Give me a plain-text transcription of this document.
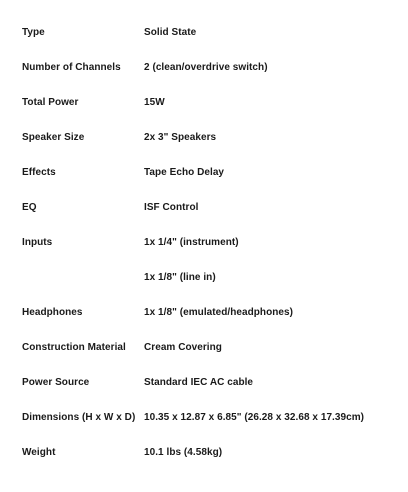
Type	Solid State
Number of Channels	2 (clean/overdrive switch)
Total Power	15W
Speaker Size	2x 3" Speakers
Effects	Tape Echo Delay
EQ	ISF Control
Inputs	1x 1/4" (instrument)
1x 1/8" (line in)
Headphones	1x 1/8" (emulated/headphones)
Construction Material	Cream Covering
Power Source	Standard IEC AC cable
Dimensions (H x W x D) 10.35 x 12.87 x 6.85" (26.28 x 32.68 x 17.39cm)
Weight	10.1 lbs (4.58kg)
